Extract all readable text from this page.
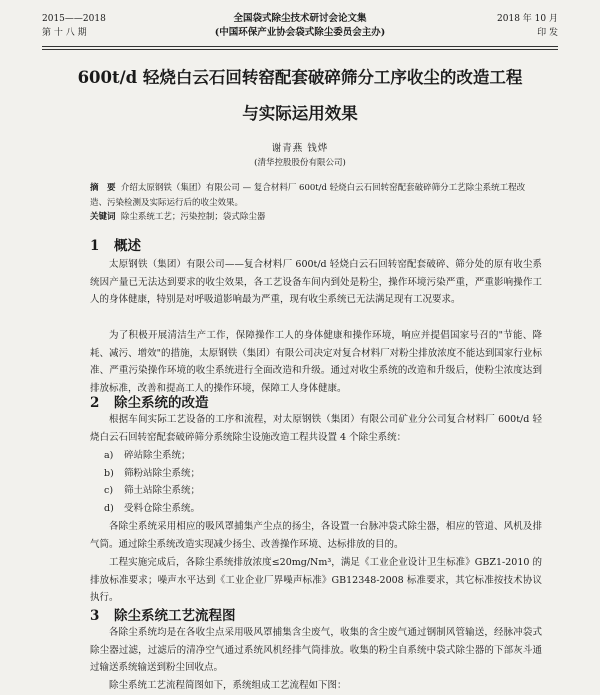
2015——2018
第 十 八 期
全国袋式除尘技术研讨会论文集
(中国环保产业协会袋式除尘委员会主办)
2018 年 10 月
印 发
600t/d 轻烧白云石回转窑配套破碎筛分工序收尘的改造工程
与实际运用效果
谢青燕 钱烨
(清华控股股份有限公司)
摘　要 介绍太原钢铁（集团）有限公司 — 复合材料厂 600t/d 轻烧白云石回转窑配套破碎筛分工艺除尘系统工程改造、污染检测及实际运行后的收尘效果。
关键词 除尘系统工艺；污染控制；袋式除尘器
1 概述
太原钢铁（集团）有限公司——复合材料厂 600t/d 轻烧白云石回转窑配套破碎、筛分处的原有收尘系统因产量已无法达到要求的收尘效果，各工艺设备车间内到处是粉尘，操作环境污染严重，严重影响操作工人的身体健康，特别是对呼吸道影响最为严重，现有收尘系统已无法满足现有工况要求。
为了积极开展清洁生产工作，保障操作工人的身体健康和操作环境，响应并提倡国家号召的"节能、降耗、减污、增效"的措施，太原钢铁（集团）有限公司决定对复合材料厂对粉尘排放浓度不能达到国家行业标准、严重污染操作环境的收尘系统进行全面改造和升级。通过对收尘系统的改造和升级后，使粉尘浓度达到排放标准，改善和提高工人的操作环境，保障工人身体健康。
2 除尘系统的改造
根据车间实际工艺设备的工序和流程，对太原钢铁（集团）有限公司矿业分公司复合材料厂 600t/d 轻烧白云石回转窑配套破碎筛分系统除尘设施改造工程共设置 4 个除尘系统：
a) 碎站除尘系统；
b) 筛粉站除尘系统；
c) 筛土站除尘系统；
d) 受料仓除尘系统。
各除尘系统采用相应的吸风罩捕集产尘点的扬尘，各设置一台脉冲袋式除尘器，相应的管道、风机及排气筒。通过除尘系统改造实现减少扬尘、改善操作环境、达标排放的目的。
工程实施完成后，各除尘系统排放浓度≤20mg/Nm³，满足《工业企业设计卫生标准》GBZ1-2010 的排放标准要求；噪声水平达到《工业企业厂界噪声标准》GB12348-2008 标准要求，其它标准按技术协议执行。
3 除尘系统工艺流程图
各除尘系统均是在各收尘点采用吸风罩捕集含尘废气，收集的含尘废气通过钢制风管输送，经脉冲袋式除尘器过滤，过滤后的清净空气通过系统风机经排气筒排放。收集的粉尘自系统中袋式除尘器的下部灰斗通过输送系统输送到粉尘回收点。
除尘系统工艺流程简图如下，系统组成工艺流程如下图：
